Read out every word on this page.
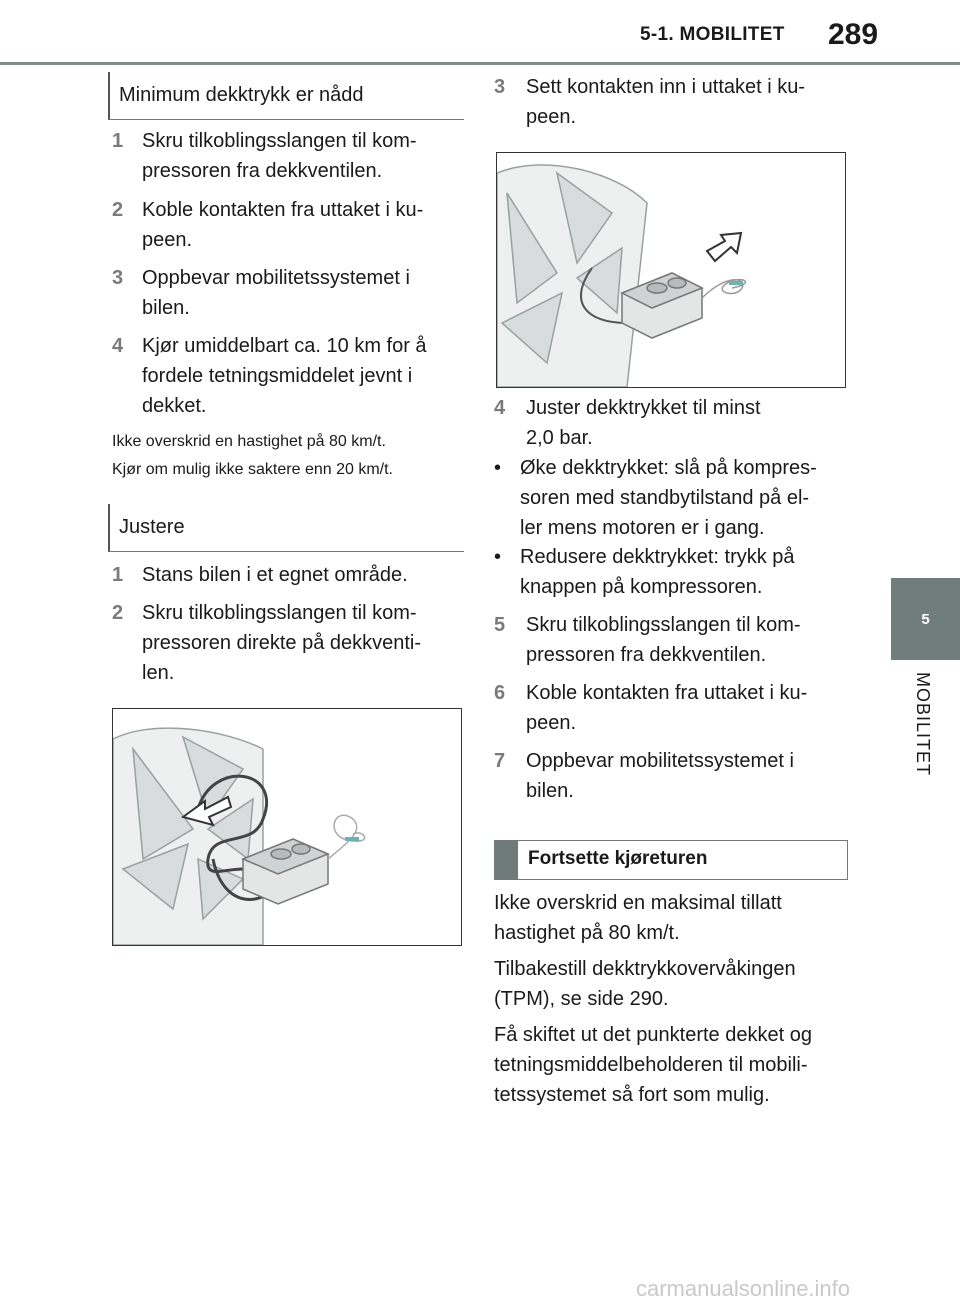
5-1. MOBILITET 289
5
MOBILITET
Minimum dekktrykk er nådd
1 Skru tilkoblingsslangen til kom-
pressoren fra dekkventilen.
2 Koble kontakten fra uttaket i ku-
peen.
3 Oppbevar mobilitetssystemet i
bilen.
4 Kjør umiddelbart ca. 10 km for å
fordele tetningsmiddelet jevnt i
dekket.
Ikke overskrid en hastighet på 80 km/t.
Kjør om mulig ikke saktere enn 20 km/t.
Justere
1 Stans bilen i et egnet område.
2 Skru tilkoblingsslangen til kom-
pressoren direkte på dekkventi-
len.
3 Sett kontakten inn i uttaket i ku-
peen.
4 Juster dekktrykket til minst
2,0 bar.
• Øke dekktrykket: slå på kompres-
soren med standbytilstand på el-
ler mens motoren er i gang.
• Redusere dekktrykket: trykk på
knappen på kompressoren.
5 Skru tilkoblingsslangen til kom-
pressoren fra dekkventilen.
6 Koble kontakten fra uttaket i ku-
peen.
7 Oppbevar mobilitetssystemet i
bilen.
Fortsette kjøreturen
Ikke overskrid en maksimal tillatt
hastighet på 80 km/t.
Tilbakestill dekktrykkovervåkingen
(TPM), se side 290.
Få skiftet ut det punkterte dekket og
tetningsmiddelbeholderen til mobili-
tetssystemet så fort som mulig.
carmanualsonline.info
